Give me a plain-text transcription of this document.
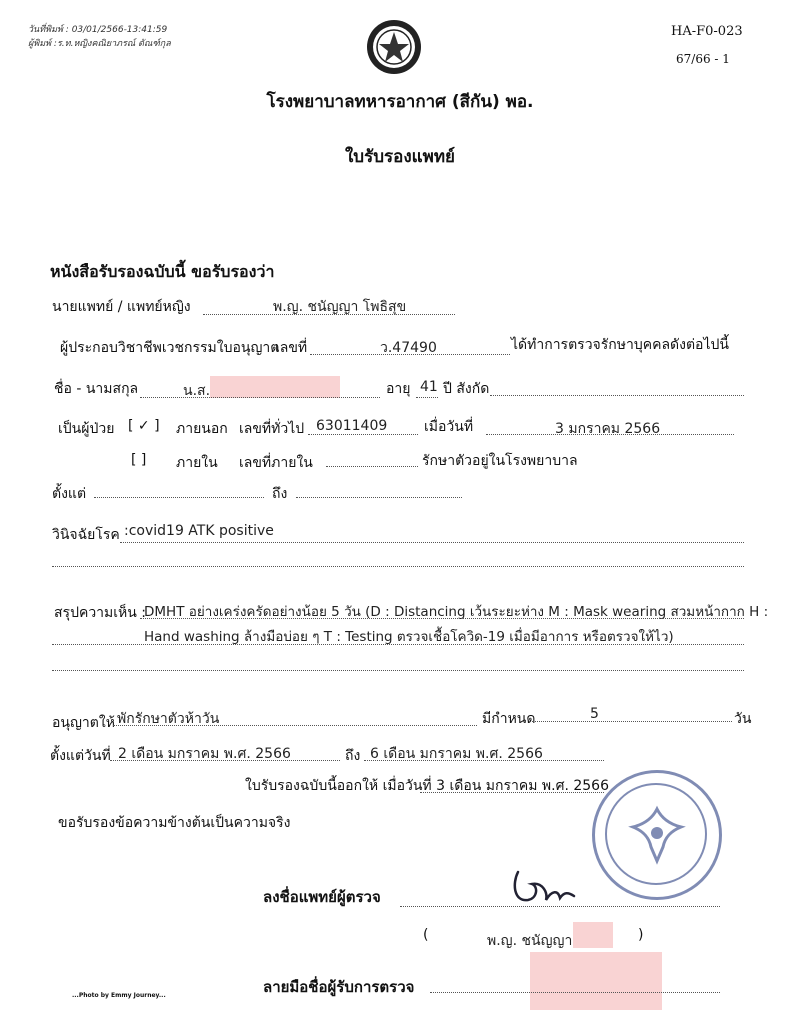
วันที่พิมพ์ : 03/01/2566-13:41:59
ผู้พิมพ์ :ร.ท.หญิงคณิยาภรณ์ ดัณฑ์กุล
HA-F0-023
67/66 - 1
โรงพยาบาลทหารอากาศ (สีกัน) พอ.
ใบรับรองแพทย์
หนังสือรับรองฉบับนี้ ขอรับรองว่า
นายแพทย์ / แพทย์หญิง	พ.ญ. ชนัญญา โพธิสุข
ผู้ประกอบวิชาชีพเวชกรรมใบอนุญาต
เลขที่	ว.47490	ได้ทำการตรวจรักษาบุคคลดังต่อไปนี้
ชื่อ - นามสกุล	น.ส.	อายุ 41 ปี สังกัด
เป็นผู้ป่วย [ ✓ ] ภายนอก เลขที่ทั่วไป 63011409	เมื่อวันที่	3 มกราคม 2566
[ ] ภายใน เลขที่ภายใน	รักษาตัวอยู่ในโรงพยาบาล
ตั้งแต่	ถึง
วินิจฉัยโรค :covid19 ATK positive
สรุปความเห็น :
DMHT อย่างเคร่งครัดอย่างน้อย 5 วัน (D : Distancing เว้นระยะห่าง M : Mask wearing สวมหน้ากาก H :
Hand washing ล้างมือบ่อย ๆ T : Testing ตรวจเชื้อโควิด-19 เมื่อมีอาการ หรือตรวจให้ไว)
อนุญาตให้ พักรักษาตัวห้าวัน	มีกำหนด	5	วัน
ตั้งแต่วันที่ 2 เดือน มกราคม พ.ศ. 2566	ถึง 6 เดือน มกราคม พ.ศ. 2566
ใบรับรองฉบับนี้ออกให้ เมื่อวันที่ 3 เดือน มกราคม พ.ศ. 2566
ขอรับรองข้อความข้างต้นเป็นความจริง
ลงชื่อแพทย์ผู้ตรวจ
(	พ.ญ. ชนัญญา	)
ลายมือชื่อผู้รับการตรวจ
...Photo by Emmy Journey...
